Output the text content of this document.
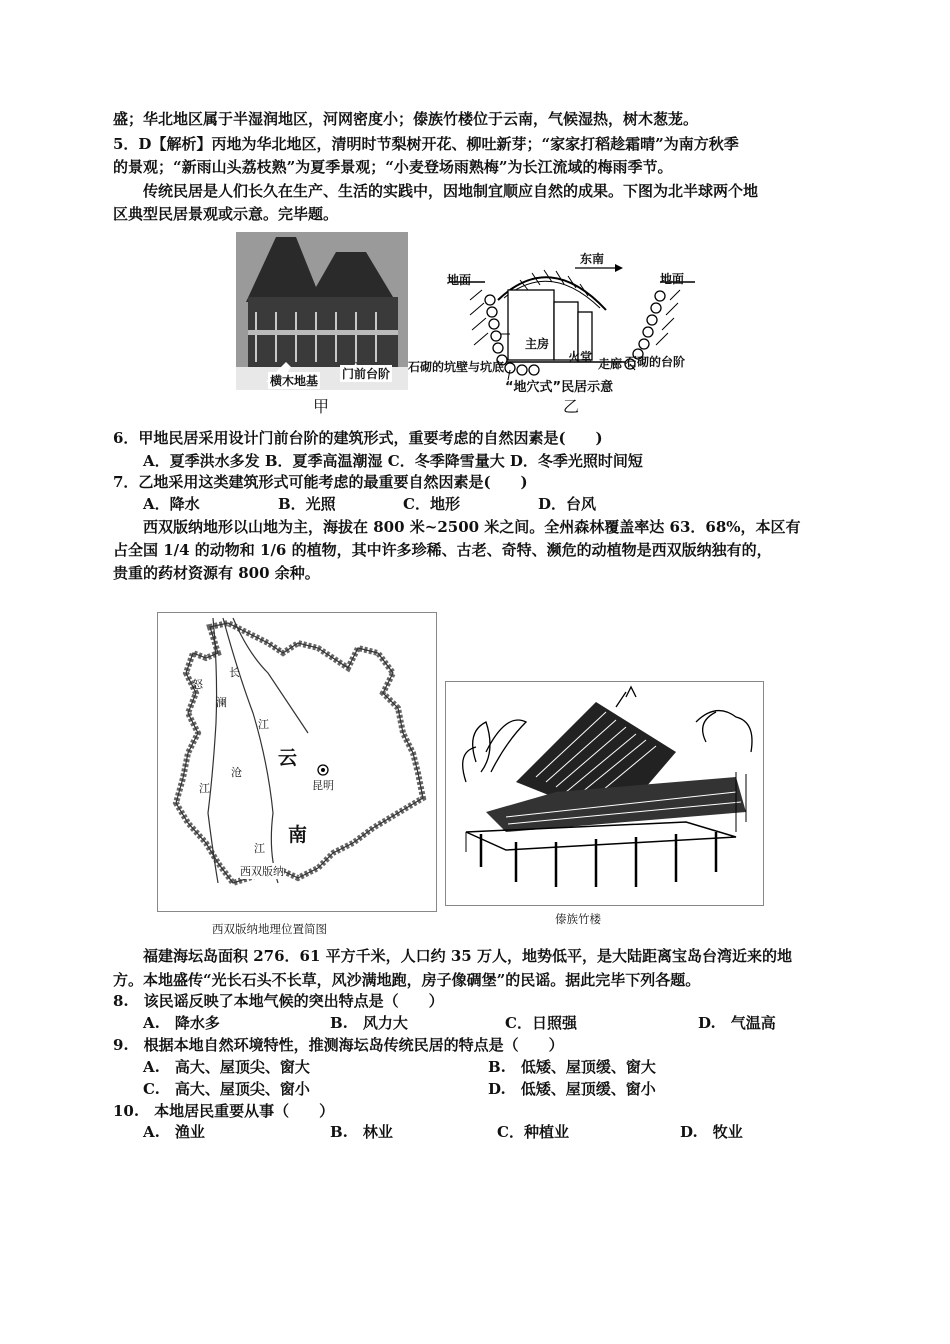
盛；华北地区属于半湿润地区，河网密度小；傣族竹楼位于云南，气候湿热，树木葱茏。
5．D【解析】丙地为华北地区，清明时节梨树开花、柳吐新芽；“家家打稻趁霜晴”为南方秋季
的景观；“新雨山头荔枝熟”为夏季景观；“小麦登场雨熟梅”为长江流域的梅雨季节。
传统民居是人们长久在生产、生活的实践中，因地制宜顺应自然的成果。下图为北半球两个地
区典型民居景观或示意。完毕题。
横木地基 门前台阶
甲
地面	地面
东南
主房
火堂 走廊
石砌的坑壁与坑底	石砌的台阶
“地穴式”民居示意
乙
6．甲地民居采用设计门前台阶的建筑形式，重要考虑的自然因素是(　　)
A．夏季洪水多发 B．夏季高温潮湿 C．冬季降雪量大 D．冬季光照时间短
7．乙地采用这类建筑形式可能考虑的最重要自然因素是(　　)
A．降水	B．光照	C．地形	D．台风
西双版纳地形以山地为主，海拔在 800 米~2500 米之间。全州森林覆盖率达 63．68%，本区有
占全国 1/4 的动物和 1/6 的植物，其中许多珍稀、古老、奇特、濒危的动植物是西双版纳独有的，
贵重的药材资源有 800 余种。
云
南
昆明
西双版纳
怒
长
澜
江
沧
江
江
西双版纳地理位置简图
傣族竹楼
福建海坛岛面积 276．61 平方千米，人口约 35 万人，地势低平，是大陆距离宝岛台湾近来的地
方。本地盛传“光长石头不长草，风沙满地跑，房子像碉堡”的民谣。据此完毕下列各题。
8.　该民谣反映了本地气候的突出特点是（　　）
A.　降水多	B.　风力大	C．日照强	D.　气温高
9.　根据本地自然环境特性，推测海坛岛传统民居的特点是（　　）
A.　高大、屋顶尖、窗大	B.　低矮、屋顶缓、窗大
C.　高大、屋顶尖、窗小	D.　低矮、屋顶缓、窗小
10.　本地居民重要从事（　　）
A.　渔业	B.　林业	C．种植业	D.　牧业
